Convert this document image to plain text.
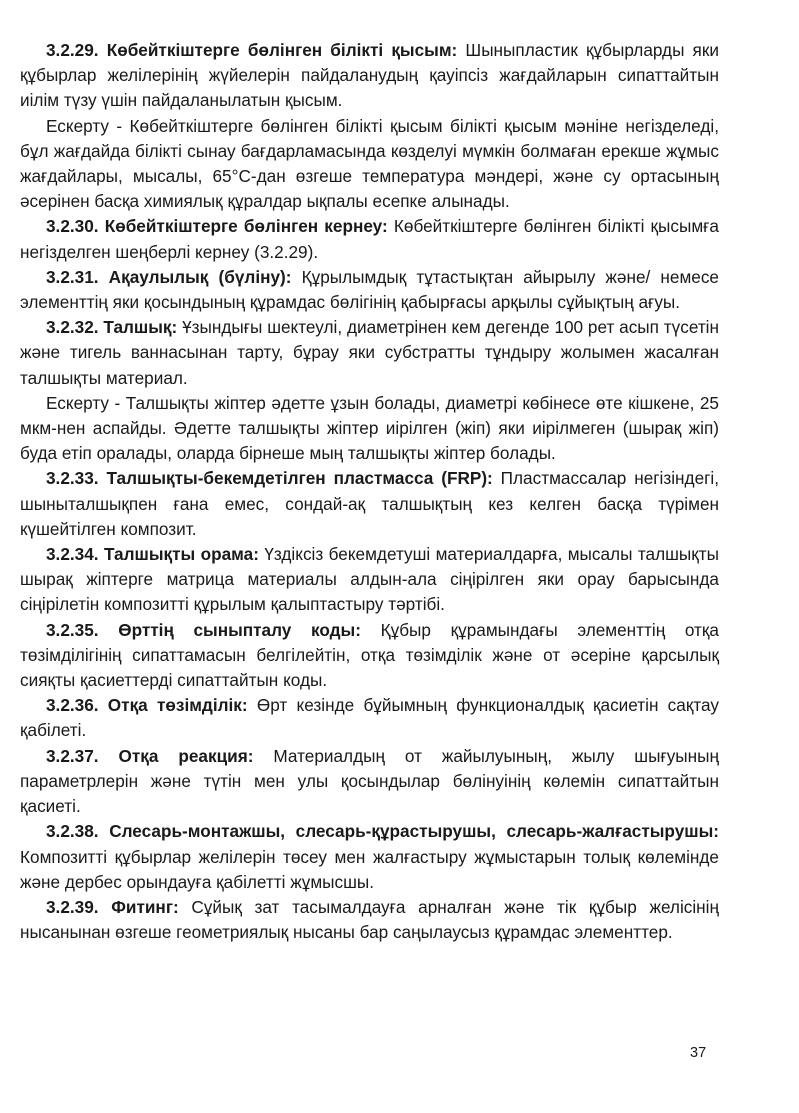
3.2.29. Көбейткіштерге бөлінген білікті қысым: Шыныпластик құбырларды яки құбырлар желілерінің жүйелерін пайдаланудың қауіпсіз жағдайларын сипаттайтын иілім түзу үшін пайдаланылатын қысым.

Ескерту - Көбейткіштерге бөлінген білікті қысым білікті қысым мәніне негізделеді, бұл жағдайда білікті сынау бағдарламасында көзделуі мүмкін болмаған ерекше жұмыс жағдайлары, мысалы, 65°С-дан өзгеше температура мәндері, және су ортасының әсерінен басқа химиялық құралдар ықпалы есепке алынады.

3.2.30. Көбейткіштерге бөлінген кернеу: Көбейткіштерге бөлінген білікті қысымға негізделген шеңберлі кернеу (3.2.29).

3.2.31. Ақаулылық (бүліну): Құрылымдық тұтастықтан айырылу және/ немесе элементтің яки қосындының құрамдас бөлігінің қабырғасы арқылы сұйықтың ағуы.

3.2.32. Талшық: Ұзындығы шектеулі, диаметрінен кем дегенде 100 рет асып түсетін және тигель ваннасынан тарту, бұрау яки субстратты тұндыру жолымен жасалған талшықты материал.

Ескерту - Талшықты жіптер әдетте ұзын болады, диаметрі көбінесе өте кішкене, 25 мкм-нен аспайды. Әдетте талшықты жіптер иірілген (жіп) яки иірілмеген (шырақ жіп) буда етіп оралады, оларда бірнеше мың талшықты жіптер болады.

3.2.33. Талшықты-бекемдетілген пластмасса (FRP): Пластмассалар негізіндегі, шыныталшықпен ғана емес, сондай-ақ талшықтың кез келген басқа түрімен күшейтілген композит.

3.2.34. Талшықты орама: Үздіксіз бекемдетуші материалдарға, мысалы талшықты шырақ жіптерге матрица материалы алдын-ала сіңірілген яки орау барысында сіңірілетін композитті құрылым қалыптастыру тәртібі.

3.2.35. Өрттің сыныпталу коды: Құбыр құрамындағы элементтің отқа төзімділігінің сипаттамасын белгілейтін, отқа төзімділік және от әсеріне қарсылық сияқты қасиеттерді сипаттайтын коды.

3.2.36. Отқа төзімділік: Өрт кезінде бұйымның функционалдық қасиетін сақтау қабілеті.

3.2.37. Отқа реакция: Материалдың от жайылуының, жылу шығуының параметрлерін және түтін мен улы қосындылар бөлінуінің көлемін сипаттайтын қасиеті.

3.2.38. Слесарь-монтажшы, слесарь-құрастырушы, слесарь-жалғастырушы: Композитті құбырлар желілерін төсеу мен жалғастыру жұмыстарын толық көлемінде және дербес орындауға қабілетті жұмысшы.

3.2.39. Фитинг: Сұйық зат тасымалдауға арналған және тік құбыр желісінің нысанынан өзгеше геометриялық нысаны бар саңылаусыз құрамдас элементтер.

37
